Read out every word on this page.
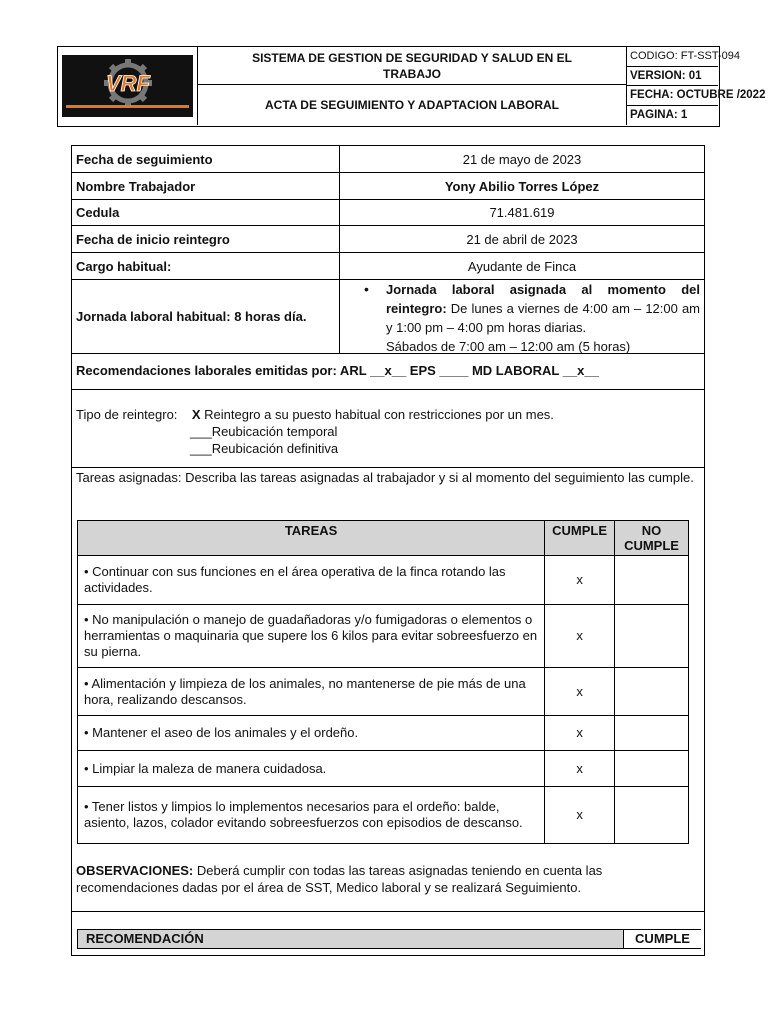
VRF
SISTEMA DE GESTION DE SEGURIDAD Y SALUD EN EL
TRABAJO
ACTA DE SEGUIMIENTO Y ADAPTACION LABORAL
CODIGO: FT-SST-094
VERSION: 01
FECHA: OCTUBRE /2022
PAGINA: 1
Fecha de seguimiento	21 de mayo de 2023
Nombre Trabajador	Yony Abilio Torres López
Cedula	71.481.619
Fecha de inicio reintegro	21 de abril de 2023
Cargo habitual:	Ayudante de Finca
Jornada laboral habitual: 8 horas día.
• Jornada laboral asignada al momento del reintegro: De lunes a viernes de 4:00 am – 12:00 am y 1:00 pm – 4:00 pm horas diarias.
Sábados de 7:00 am – 12:00 am (5 horas)
Recomendaciones laborales emitidas por: ARL __x__ EPS ____ MD LABORAL __x__
Tipo de reintegro: X Reintegro a su puesto habitual con restricciones por un mes.
___Reubicación temporal
___Reubicación definitiva
Tareas asignadas: Describa las tareas asignadas al trabajador y si al momento del seguimiento las cumple.
TAREAS	CUMPLE	NO CUMPLE
• Continuar con sus funciones en el área operativa de la finca rotando las actividades.	x	
• No manipulación o manejo de guadañadoras y/o fumigadoras o elementos o herramientas o maquinaria que supere los 6 kilos para evitar sobreesfuerzo en su pierna.	x	
• Alimentación y limpieza de los animales, no mantenerse de pie más de una hora, realizando descansos.	x	
• Mantener el aseo de los animales y el ordeño.	x	
• Limpiar la maleza de manera cuidadosa.	x	
• Tener listos y limpios lo implementos necesarios para el ordeño: balde, asiento, lazos, colador evitando sobreesfuerzos con episodios de descanso.	x	
OBSERVACIONES: Deberá cumplir con todas las tareas asignadas teniendo en cuenta las recomendaciones dadas por el área de SST, Medico laboral y se realizará Seguimiento.
RECOMENDACIÓN	CUMPLE
